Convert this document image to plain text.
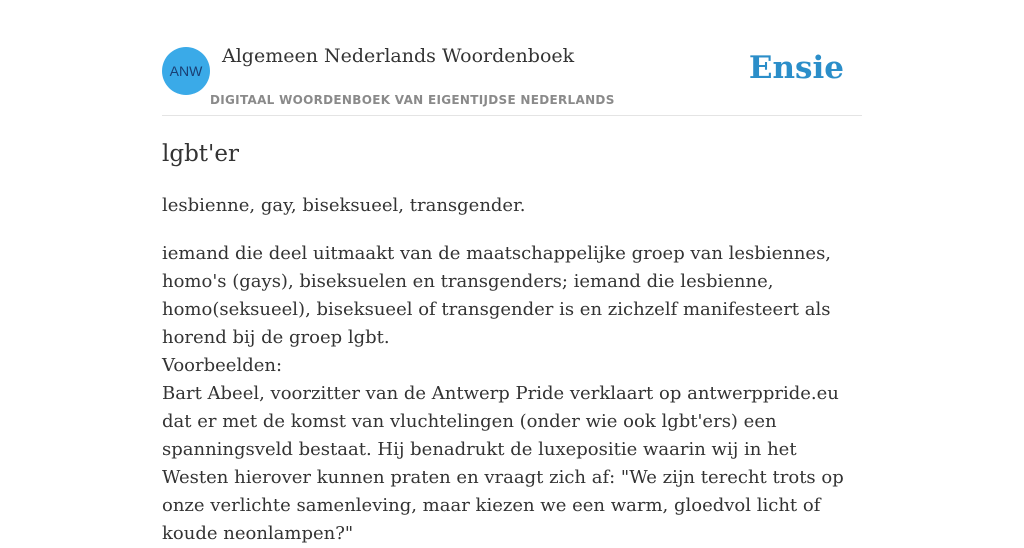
ANW
Algemeen Nederlands Woordenboek
DIGITAAL WOORDENBOEK VAN EIGENTIJDSE NEDERLANDS
Ensie
lgbt'er

lesbienne, gay, biseksueel, transgender.

iemand die deel uitmaakt van de maatschappelijke groep van lesbiennes, homo's (gays), biseksuelen en transgenders; iemand die lesbienne, homo(seksueel), biseksueel of transgender is en zichzelf manifesteert als horend bij de groep lgbt.

Voorbeelden:
Bart Abeel, voorzitter van de Antwerp Pride verklaart op antwerppride.eu dat er met de komst van vluchtelingen (onder wie ook lgbt'ers) een spanningsveld bestaat. Hij benadrukt de luxepositie waarin wij in het Westen hierover kunnen praten en vraagt zich af: "We zijn terecht trots op onze verlichte samenleving, maar kiezen we een warm, gloedvol licht of koude neonlampen?"
